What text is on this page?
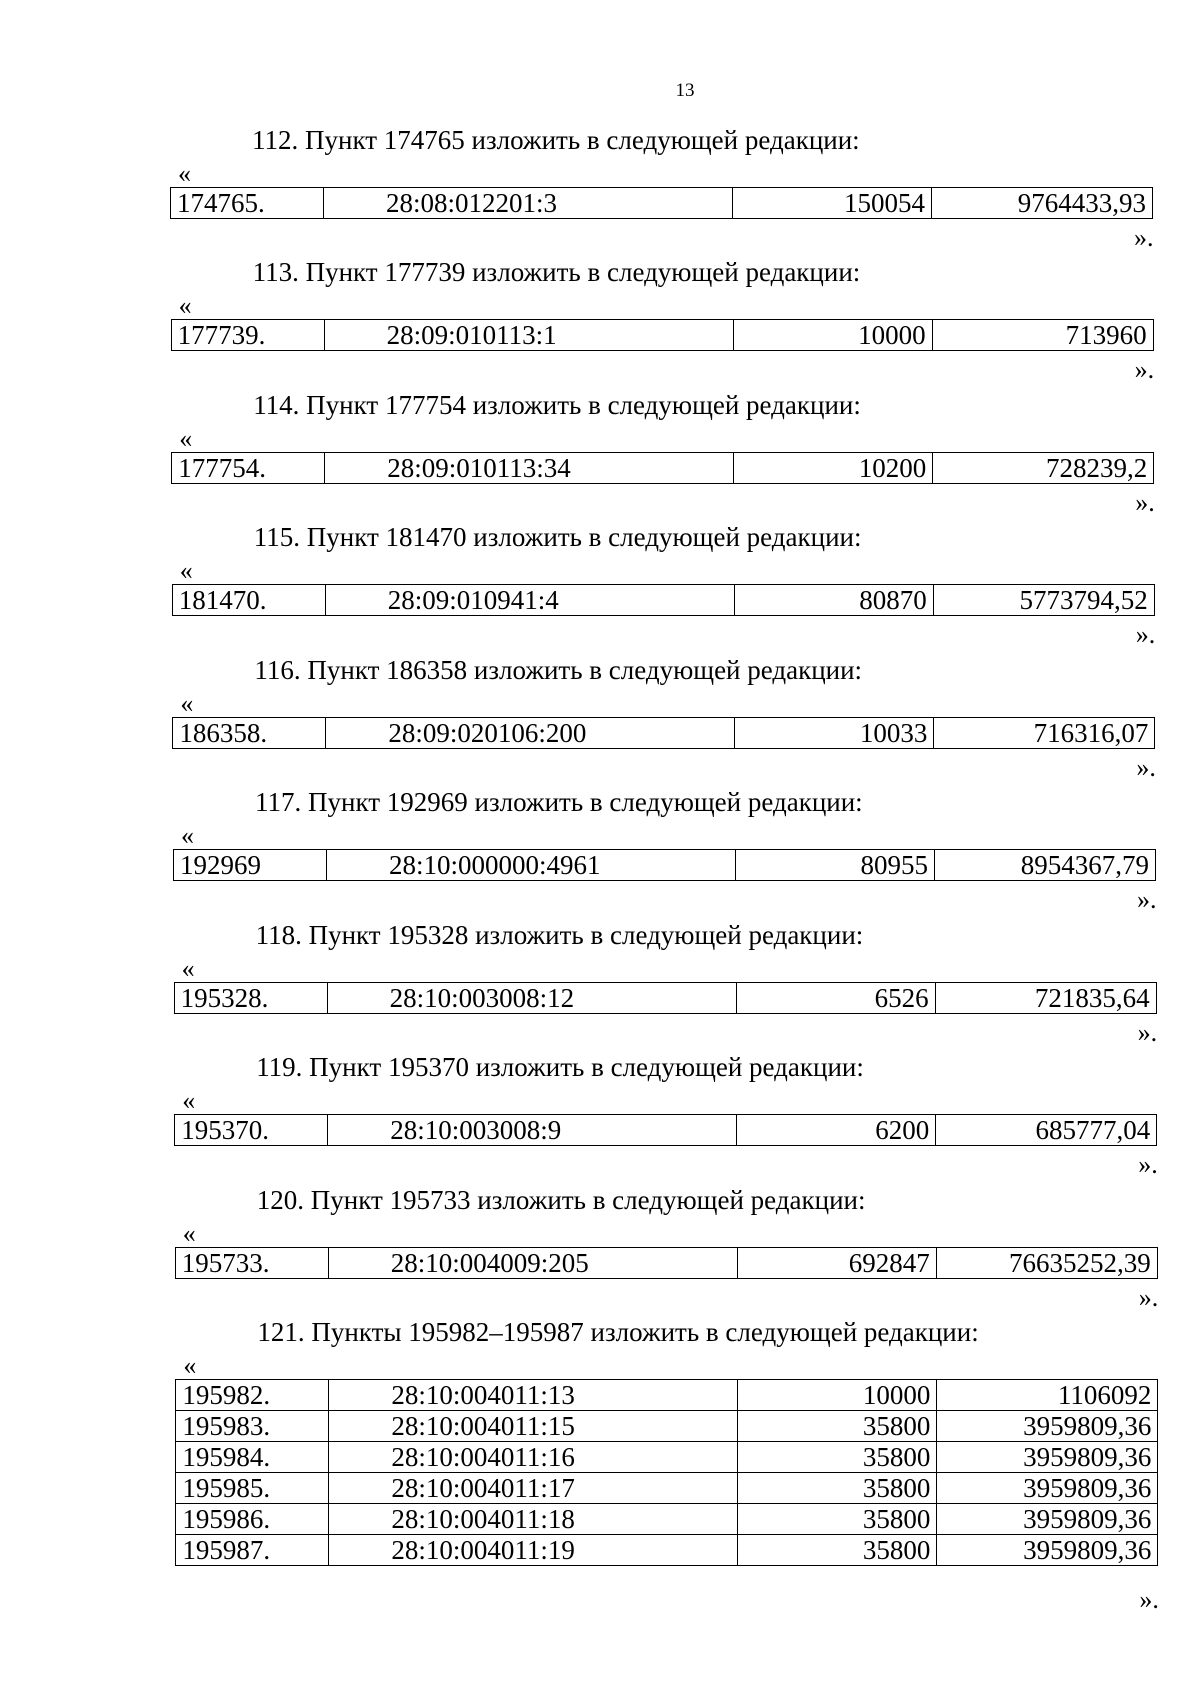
13
112. Пункт 174765 изложить в следующей редакции:
«
174765.	28:08:012201:3	150054	9764433,93
».
113. Пункт 177739 изложить в следующей редакции:
«
177739.	28:09:010113:1	10000	713960
».
114. Пункт 177754 изложить в следующей редакции:
«
177754.	28:09:010113:34	10200	728239,2
».
115. Пункт 181470 изложить в следующей редакции:
«
181470.	28:09:010941:4	80870	5773794,52
».
116. Пункт 186358 изложить в следующей редакции:
«
186358.	28:09:020106:200	10033	716316,07
».
117. Пункт 192969 изложить в следующей редакции:
«
192969	28:10:000000:4961	80955	8954367,79
».
118. Пункт 195328 изложить в следующей редакции:
«
195328.	28:10:003008:12	6526	721835,64
».
119. Пункт 195370 изложить в следующей редакции:
«
195370.	28:10:003008:9	6200	685777,04
».
120. Пункт 195733 изложить в следующей редакции:
«
195733.	28:10:004009:205	692847	76635252,39
».
121. Пункты 195982–195987 изложить в следующей редакции:
«
195982.	28:10:004011:13	10000	1106092
195983.	28:10:004011:15	35800	3959809,36
195984.	28:10:004011:16	35800	3959809,36
195985.	28:10:004011:17	35800	3959809,36
195986.	28:10:004011:18	35800	3959809,36
195987.	28:10:004011:19	35800	3959809,36
».
